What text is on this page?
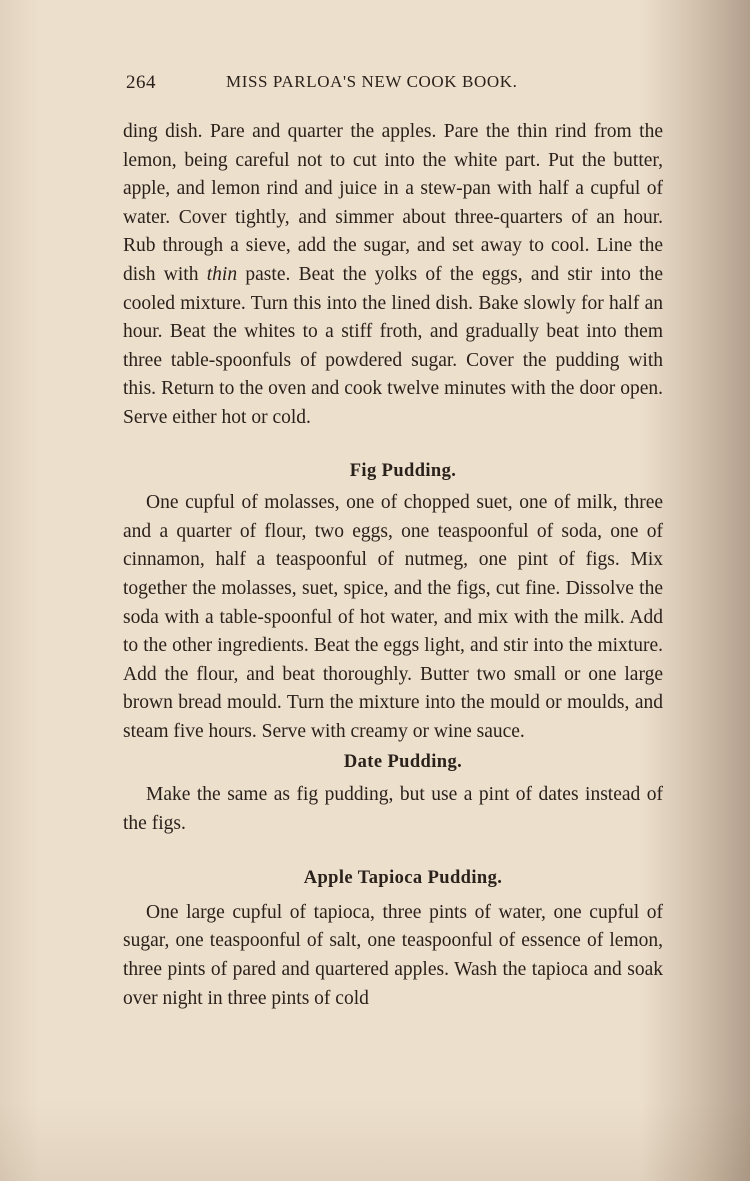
264	MISS PARLOA'S NEW COOK BOOK.

ding dish. Pare and quarter the apples. Pare the thin rind from the lemon, being careful not to cut into the white part. Put the butter, apple, and lemon rind and juice in a stew-pan with half a cupful of water. Cover tightly, and simmer about three-quarters of an hour. Rub through a sieve, add the sugar, and set away to cool. Line the dish with thin paste. Beat the yolks of the eggs, and stir into the cooled mixture. Turn this into the lined dish. Bake slowly for half an hour. Beat the whites to a stiff froth, and gradually beat into them three table-spoonfuls of powdered sugar. Cover the pudding with this. Return to the oven and cook twelve minutes with the door open. Serve either hot or cold.

Fig Pudding.

One cupful of molasses, one of chopped suet, one of milk, three and a quarter of flour, two eggs, one teaspoonful of soda, one of cinnamon, half a teaspoonful of nutmeg, one pint of figs. Mix together the molasses, suet, spice, and the figs, cut fine. Dissolve the soda with a table-spoonful of hot water, and mix with the milk. Add to the other ingredients. Beat the eggs light, and stir into the mixture. Add the flour, and beat thoroughly. Butter two small or one large brown bread mould. Turn the mixture into the mould or moulds, and steam five hours. Serve with creamy or wine sauce.

Date Pudding.

Make the same as fig pudding, but use a pint of dates instead of the figs.

Apple Tapioca Pudding.

One large cupful of tapioca, three pints of water, one cupful of sugar, one teaspoonful of salt, one teaspoonful of essence of lemon, three pints of pared and quartered apples. Wash the tapioca and soak over night in three pints of cold
